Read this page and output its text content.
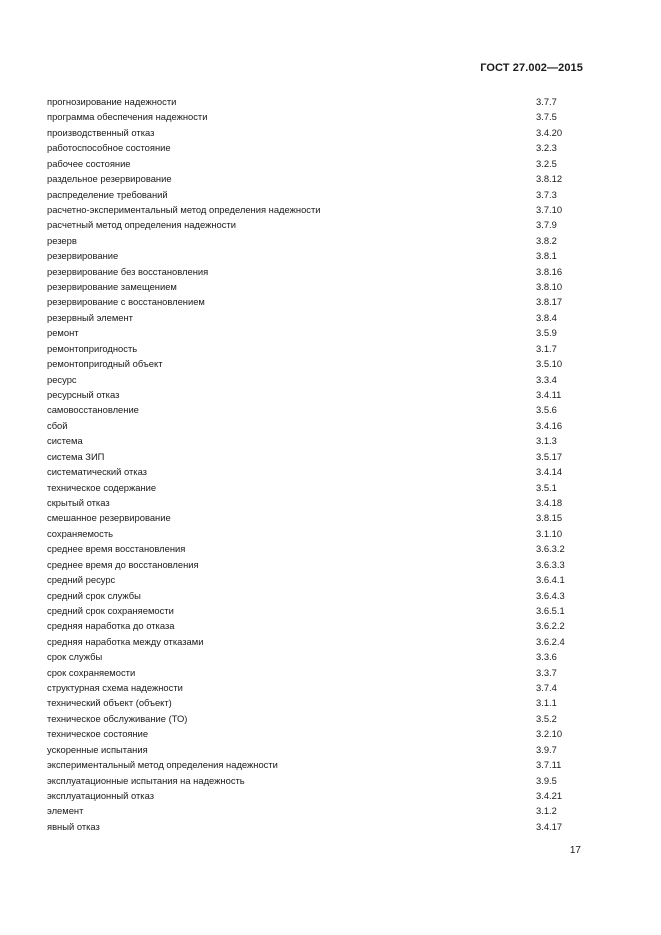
ГОСТ 27.002—2015
прогнозирование надежности	3.7.7
программа обеспечения надежности	3.7.5
производственный отказ	3.4.20
работоспособное состояние	3.2.3
рабочее состояние	3.2.5
раздельное резервирование	3.8.12
распределение требований	3.7.3
расчетно-экспериментальный метод определения надежности	3.7.10
расчетный метод определения надежности	3.7.9
резерв	3.8.2
резервирование	3.8.1
резервирование без восстановления	3.8.16
резервирование замещением	3.8.10
резервирование с восстановлением	3.8.17
резервный элемент	3.8.4
ремонт	3.5.9
ремонтопригодность	3.1.7
ремонтопригодный объект	3.5.10
ресурс	3.3.4
ресурсный отказ	3.4.11
самовосстановление	3.5.6
сбой	3.4.16
система	3.1.3
система ЗИП	3.5.17
систематический отказ	3.4.14
техническое содержание	3.5.1
скрытый отказ	3.4.18
смешанное резервирование	3.8.15
сохраняемость	3.1.10
среднее время восстановления	3.6.3.2
среднее время до восстановления	3.6.3.3
средний ресурс	3.6.4.1
средний срок службы	3.6.4.3
средний срок сохраняемости	3.6.5.1
средняя наработка до отказа	3.6.2.2
средняя наработка между отказами	3.6.2.4
срок службы	3.3.6
срок сохраняемости	3.3.7
структурная схема надежности	3.7.4
технический объект (объект)	3.1.1
техническое обслуживание (ТО)	3.5.2
техническое состояние	3.2.10
ускоренные испытания	3.9.7
экспериментальный метод определения надежности	3.7.11
эксплуатационные испытания на надежность	3.9.5
эксплуатационный отказ	3.4.21
элемент	3.1.2
явный отказ	3.4.17
17
